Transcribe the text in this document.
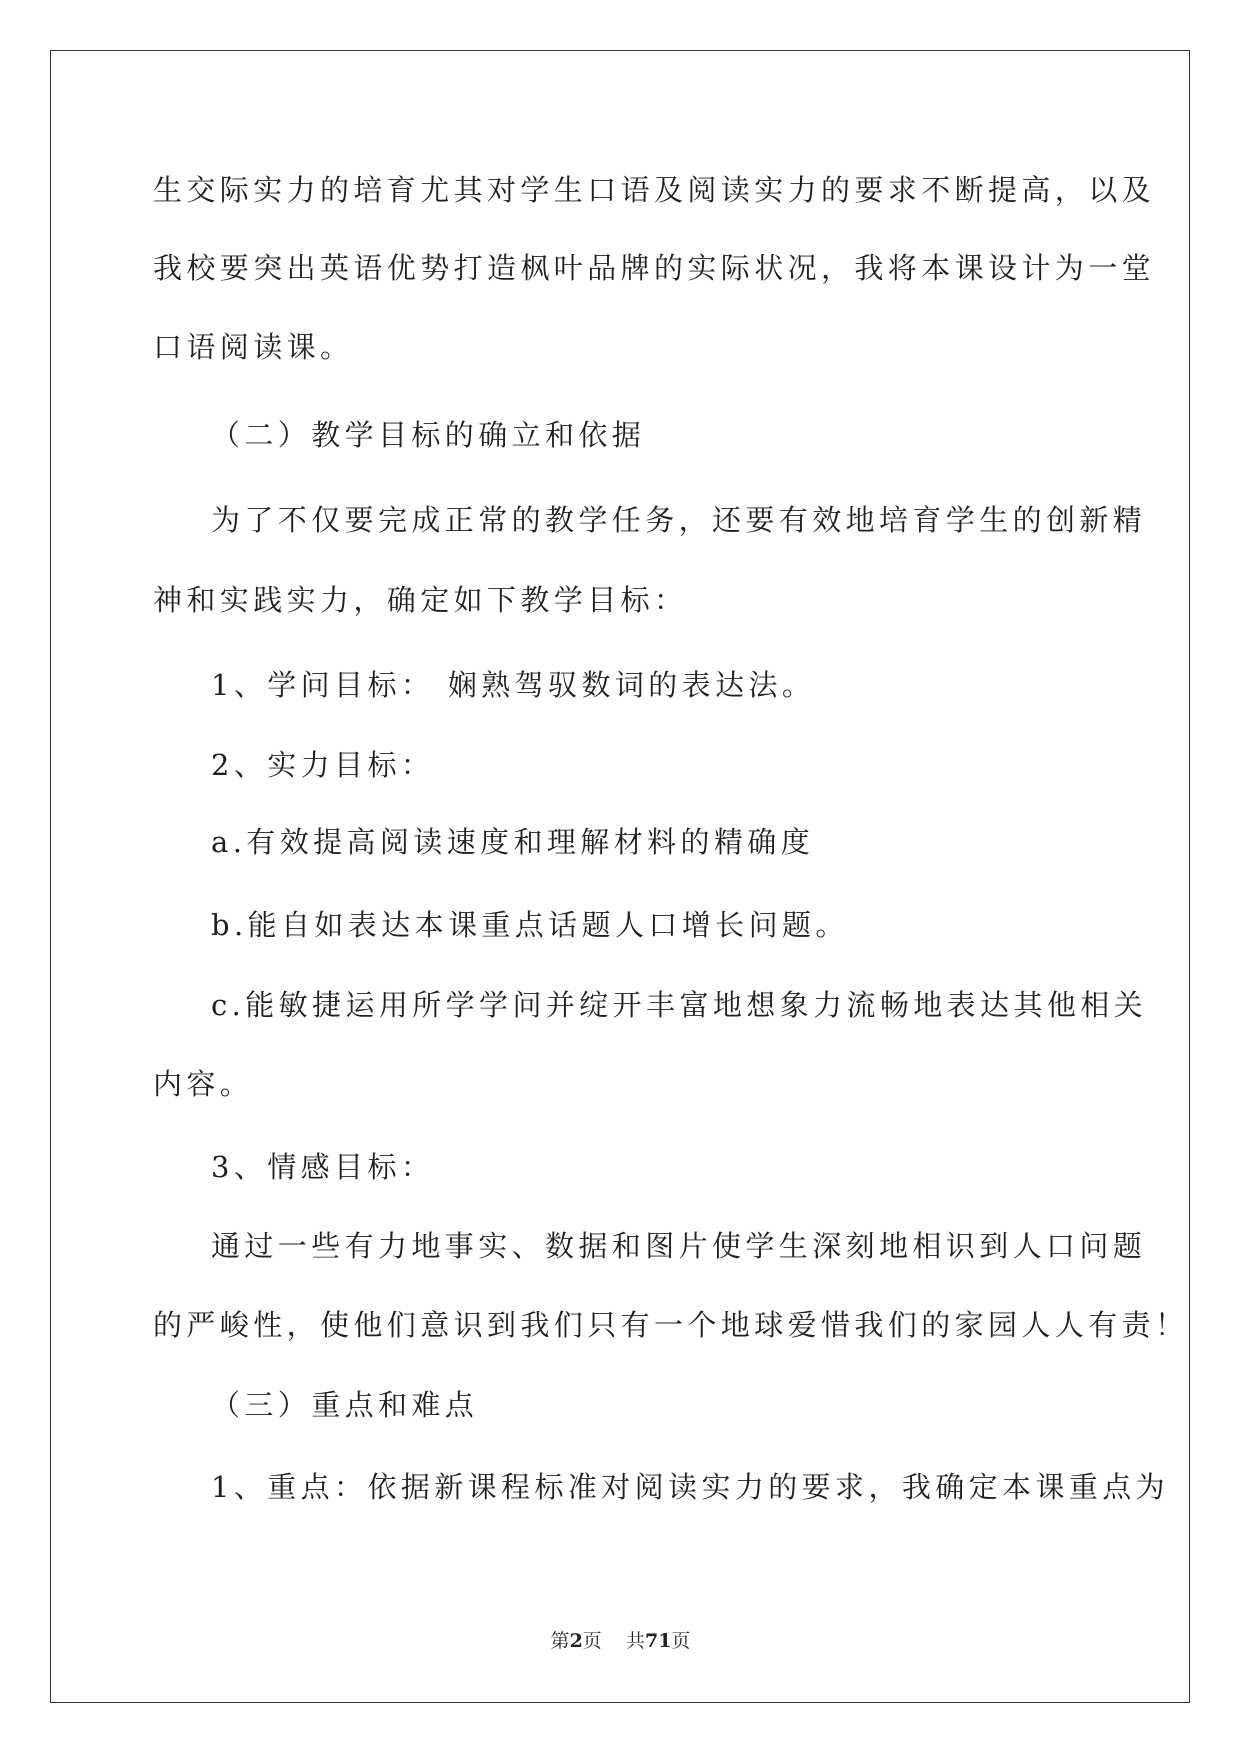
生交际实力的培育尤其对学生口语及阅读实力的要求不断提高，以及
我校要突出英语优势打造枫叶品牌的实际状况，我将本课设计为一堂
口语阅读课。
（二）教学目标的确立和依据
为了不仅要完成正常的教学任务，还要有效地培育学生的创新精
神和实践实力，确定如下教学目标：
1、学问目标： 娴熟驾驭数词的表达法。
2、实力目标：
a.有效提高阅读速度和理解材料的精确度
b.能自如表达本课重点话题人口增长问题。
c.能敏捷运用所学学问并绽开丰富地想象力流畅地表达其他相关
内容。
3、情感目标：
通过一些有力地事实、数据和图片使学生深刻地相识到人口问题
的严峻性，使他们意识到我们只有一个地球爱惜我们的家园人人有责！
（三）重点和难点
1、重点：依据新课程标准对阅读实力的要求，我确定本课重点为
第2页    共71页
